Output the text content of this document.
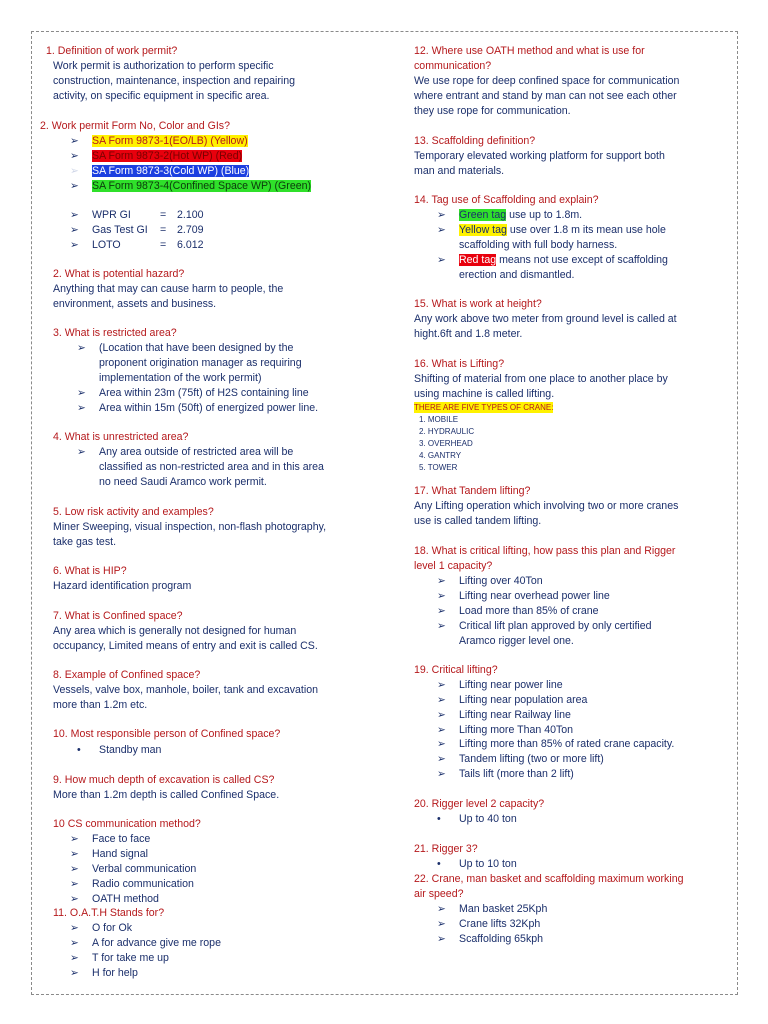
1. Definition of work permit?
Work permit is authorization to perform specific
construction, maintenance, inspection and repairing
activity, on specific equipment in specific area.
2. Work permit Form No, Color and GIs?
➢ SA Form 9873-1(EO/LB) (Yellow)
➢ SA Form 9873-2(Hot WP) (Red)
➢ SA Form 9873-3(Cold WP) (Blue)
➢ SA Form 9873-4(Confined Space WP) (Green)
➢ WPR GI	= 2.100
➢ Gas Test GI = 2.709
➢ LOTO	= 6.012
2. What is potential hazard?
Anything that may can cause harm to people, the
environment, assets and business.
3. What is restricted area?
➢ (Location that have been designed by the
proponent origination manager as requiring
implementation of the work permit)
➢ Area within 23m (75ft) of H2S containing line
➢ Area within 15m (50ft) of energized power line.
4. What is unrestricted area?
➢ Any area outside of restricted area will be
classified as non-restricted area and in this area
no need Saudi Aramco work permit.
5. Low risk activity and examples?
Miner Sweeping, visual inspection, non-flash photography,
take gas test.
6. What is HIP?
Hazard identification program
7. What is Confined space?
Any area which is generally not designed for human
occupancy, Limited means of entry and exit is called CS.
8. Example of Confined space?
Vessels, valve box, manhole, boiler, tank and excavation
more than 1.2m etc.
10. Most responsible person of Confined space?
• Standby man
9. How much depth of excavation is called CS?
More than 1.2m depth is called Confined Space.
10 CS communication method?
➢ Face to face
➢ Hand signal
➢ Verbal communication
➢ Radio communication
➢ OATH method
11. O.A.T.H Stands for?
➢ O for Ok
➢ A for advance give me rope
➢ T for take me up
➢ H for help
12. Where use OATH method and what is use for
communication?
We use rope for deep confined space for communication
where entrant and stand by man can not see each other
they use rope for communication.
13. Scaffolding definition?
Temporary elevated working platform for support both
man and materials.
14. Tag use of Scaffolding and explain?
➢ Green tag use up to 1.8m.
➢ Yellow tag use over 1.8 m its mean use hole
scaffolding with full body harness.
➢ Red tag means not use except of scaffolding
erection and dismantled.
15. What is work at height?
Any work above two meter from ground level is called at
hight.6ft and 1.8 meter.
16. What is Lifting?
Shifting of material from one place to another place by
using machine is called lifting.
THERE ARE FIVE TYPES OF CRANE:
1. MOBILE
2. HYDRAULIC
3. OVERHEAD
4. GANTRY
5. TOWER
17. What Tandem lifting?
Any Lifting operation which involving two or more cranes
use is called tandem lifting.
18. What is critical lifting, how pass this plan and Rigger
level 1 capacity?
➢ Lifting over 40Ton
➢ Lifting near overhead power line
➢ Load more than 85% of crane
➢ Critical lift plan approved by only certified
Aramco rigger level one.
19. Critical lifting?
➢ Lifting near power line
➢ Lifting near population area
➢ Lifting near Railway line
➢ Lifting more Than 40Ton
➢ Lifting more than 85% of rated crane capacity.
➢ Tandem lifting (two or more lift)
➢ Tails lift (more than 2 lift)
20. Rigger level 2 capacity?
• Up to 40 ton
21. Rigger 3?
• Up to 10 ton
22. Crane, man basket and scaffolding maximum working
air speed?
➢ Man basket 25Kph
➢ Crane lifts 32Kph
➢ Scaffolding 65kph
